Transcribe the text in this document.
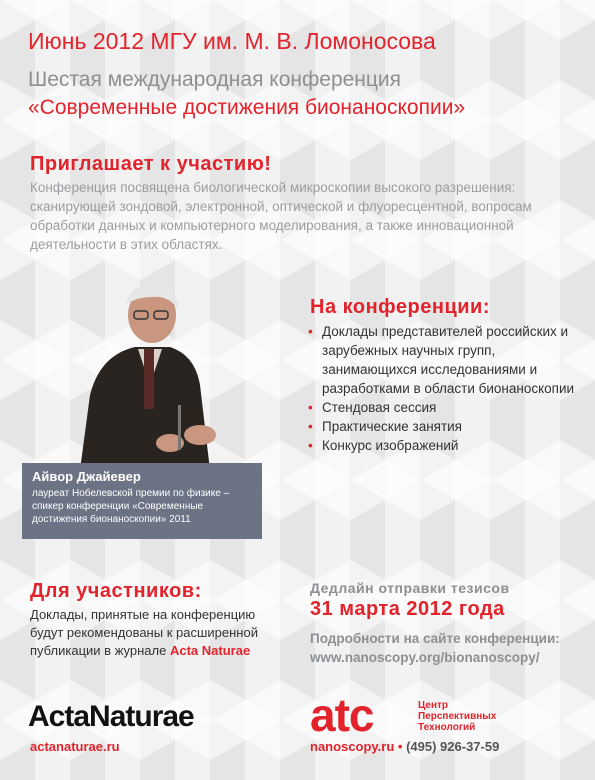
Июнь 2012 МГУ им. М. В. Ломоносова
Шестая международная конференция
«Современные достижения бионаноскопии»
Приглашает к участию!
Конференция посвящена биологической микроскопии высокого разрешения: сканирующей зондовой, электронной, оптической и флуоресцентной, вопросам обработки данных и компьютерного моделирования, а также инновационной деятельности в этих областях.
Айвор Джайевер
лауреат Нобелевской премии по физике – спикер конференции «Современные достижения бионаноскопии» 2011
На конференции:
• Доклады представителей российских и зарубежных научных групп, занимающихся исследованиями и разработками в области бионаноскопии
• Стендовая сессия
• Практические занятия
• Конкурс изображений
Для участников:
Доклады, принятые на конференцию будут рекомендованы к расширенной публикации в журнале Acta Naturae
Дедлайн отправки тезисов
31 марта 2012 года
Подробности на сайте конференции:
www.nanoscopy.org/bionanoscopy/
ActaNaturae
actanaturae.ru
atc	Центр
Перспективных
Технологий
nanoscopy.ru • (495) 926-37-59
